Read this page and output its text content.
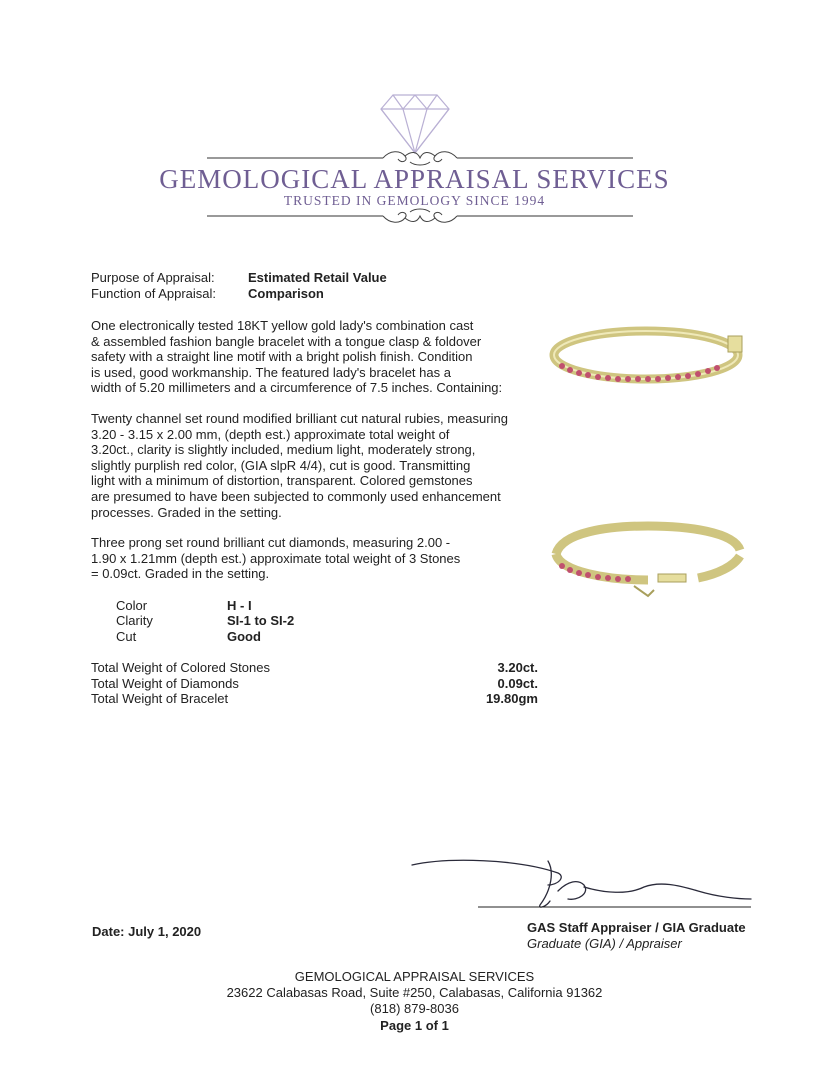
GEMOLOGICAL APPRAISAL SERVICES
TRUSTED IN GEMOLOGY SINCE 1994
Purpose of Appraisal:	Estimated Retail Value
Function of Appraisal: Comparison
One electronically tested 18KT yellow gold lady's combination cast
& assembled fashion bangle bracelet with a tongue clasp & foldover
safety with a straight line motif with a bright polish finish. Condition
is used, good workmanship. The featured lady's bracelet has a
width of 5.20 millimeters and a circumference of 7.5 inches. Containing:
Twenty channel set round modified brilliant cut natural rubies, measuring
3.20 - 3.15 x 2.00 mm, (depth est.) approximate total weight of
3.20ct., clarity is slightly included, medium light, moderately strong,
slightly purplish red color, (GIA slpR 4/4), cut is good. Transmitting
light with a minimum of distortion, transparent. Colored gemstones
are presumed to have been subjected to commonly used enhancement
processes. Graded in the setting.
Three prong set round brilliant cut diamonds, measuring 2.00 -
1.90 x 1.21mm (depth est.) approximate total weight of 3 Stones
= 0.09ct. Graded in the setting.
Color	H - I
Clarity	SI-1 to SI-2
Cut	Good
Total Weight of Colored Stones	3.20ct.
Total Weight of Diamonds	0.09ct.
Total Weight of Bracelet	19.80gm
Date: July 1, 2020	GAS Staff Appraiser / GIA Graduate
Graduate (GIA) / Appraiser
GEMOLOGICAL APPRAISAL SERVICES
23622 Calabasas Road, Suite #250, Calabasas, California 91362
(818) 879-8036
Page 1 of 1
